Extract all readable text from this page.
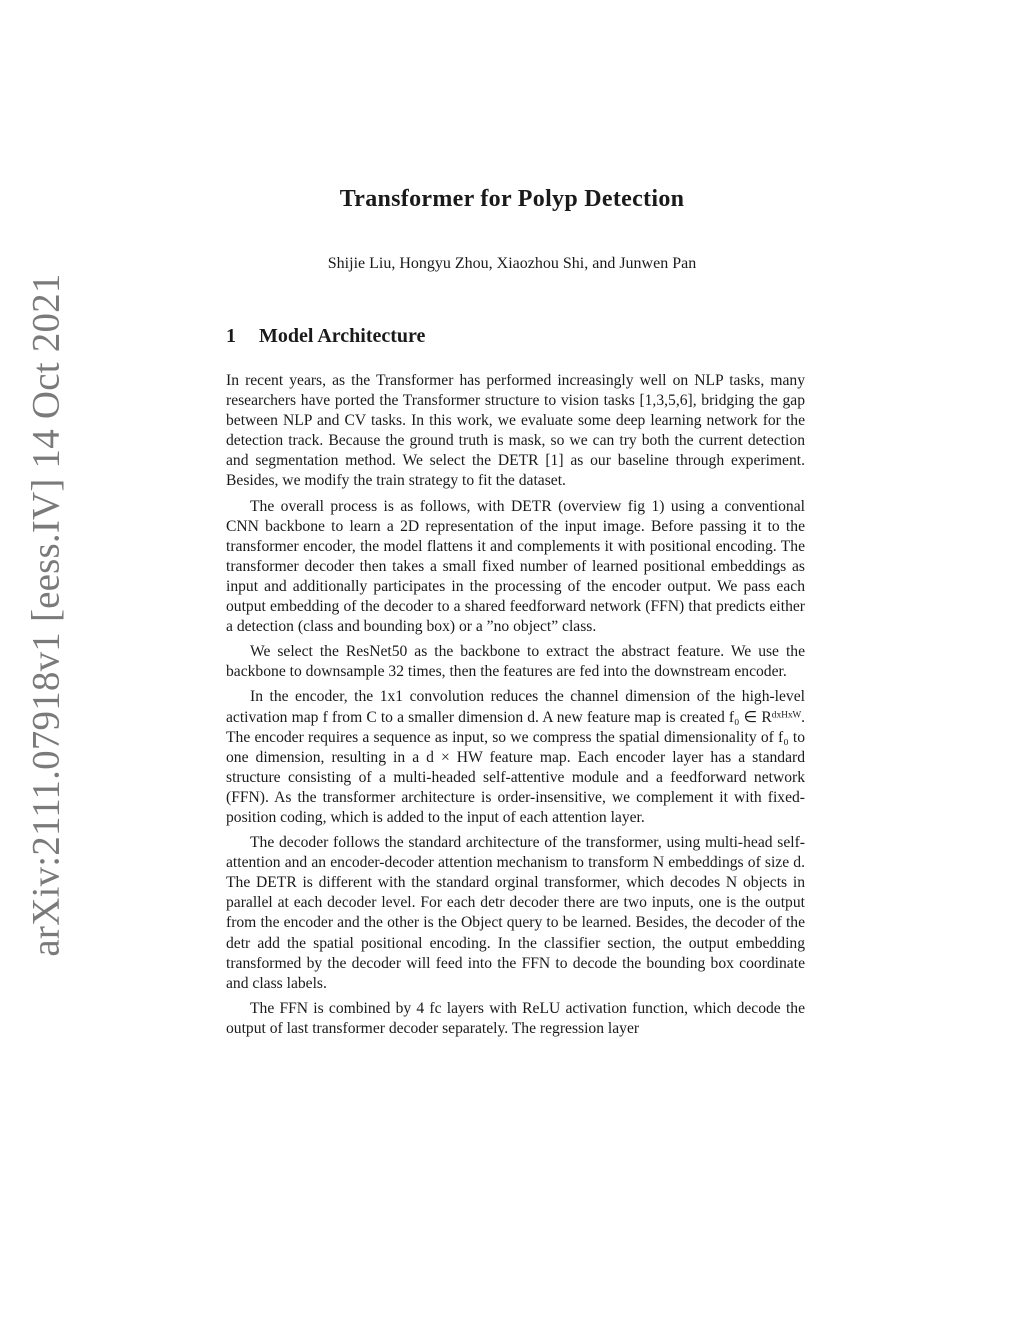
arXiv:2111.07918v1 [eess.IV] 14 Oct 2021
Transformer for Polyp Detection
Shijie Liu, Hongyu Zhou, Xiaozhou Shi, and Junwen Pan
1 Model Architecture

In recent years, as the Transformer has performed increasingly well on NLP tasks, many researchers have ported the Transformer structure to vision tasks [1,3,5,6], bridging the gap between NLP and CV tasks. In this work, we evaluate some deep learning network for the detection track. Because the ground truth is mask, so we can try both the current detection and segmentation method. We select the DETR [1] as our baseline through experiment. Besides, we modify the train strategy to fit the dataset.

The overall process is as follows, with DETR (overview fig 1) using a conventional CNN backbone to learn a 2D representation of the input image. Before passing it to the transformer encoder, the model flattens it and complements it with positional encoding. The transformer decoder then takes a small fixed number of learned positional embeddings as input and additionally participates in the processing of the encoder output. We pass each output embedding of the decoder to a shared feedforward network (FFN) that predicts either a detection (class and bounding box) or a ”no object” class.

We select the ResNet50 as the backbone to extract the abstract feature. We use the backbone to downsample 32 times, then the features are fed into the downstream encoder.

In the encoder, the 1x1 convolution reduces the channel dimension of the high-level activation map f from C to a smaller dimension d. A new feature map is created f₀ ∈ Rᵈˣᴴˣᵂ. The encoder requires a sequence as input, so we compress the spatial dimensionality of f₀ to one dimension, resulting in a d × HW feature map. Each encoder layer has a standard structure consisting of a multi-headed self-attentive module and a feedforward network (FFN). As the transformer architecture is order-insensitive, we complement it with fixed-position coding, which is added to the input of each attention layer.

The decoder follows the standard architecture of the transformer, using multi-head self-attention and an encoder-decoder attention mechanism to transform N embeddings of size d. The DETR is different with the standard orginal transformer, which decodes N objects in parallel at each decoder level. For each detr decoder there are two inputs, one is the output from the encoder and the other is the Object query to be learned. Besides, the decoder of the detr add the spatial positional encoding. In the classifier section, the output embedding transformed by the decoder will feed into the FFN to decode the bounding box coordinate and class labels.

The FFN is combined by 4 fc layers with ReLU activation function, which decode the output of last transformer decoder separately. The regression layer
